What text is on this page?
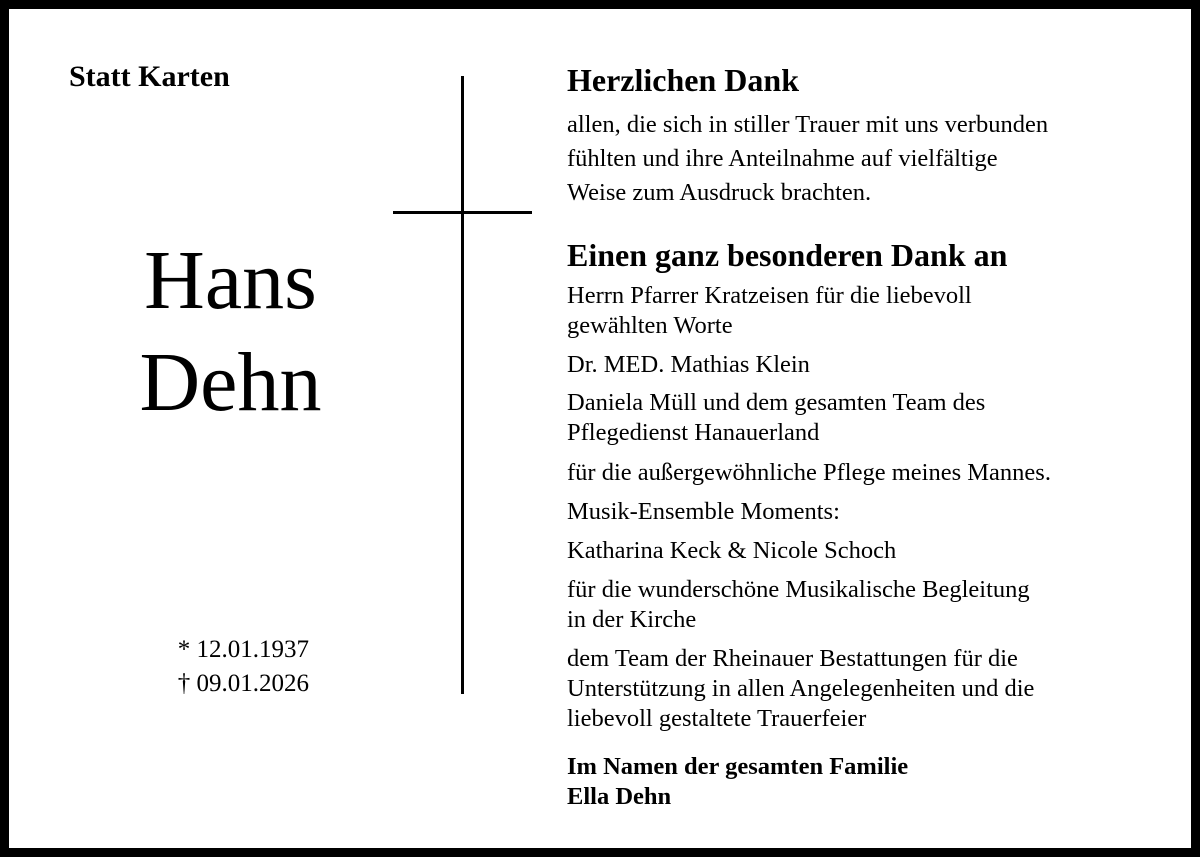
Statt Karten
Hans
Dehn
* 12.01.1937
† 09.01.2026
Herzlichen Dank
allen, die sich in stiller Trauer mit uns verbunden
fühlten und ihre Anteilnahme auf vielfältige
Weise zum Ausdruck brachten.
Einen ganz besonderen Dank an
Herrn Pfarrer Kratzeisen für die liebevoll
gewählten Worte
Dr. MED. Mathias Klein
Daniela Müll und dem gesamten Team des
Pflegedienst Hanauerland
für die außergewöhnliche Pflege meines Mannes.
Musik-Ensemble Moments:
Katharina Keck & Nicole Schoch
für die wunderschöne Musikalische Begleitung
in der Kirche
dem Team der Rheinauer Bestattungen für die
Unterstützung in allen Angelegenheiten und die
liebevoll gestaltete Trauerfeier
Im Namen der gesamten Familie
Ella Dehn
